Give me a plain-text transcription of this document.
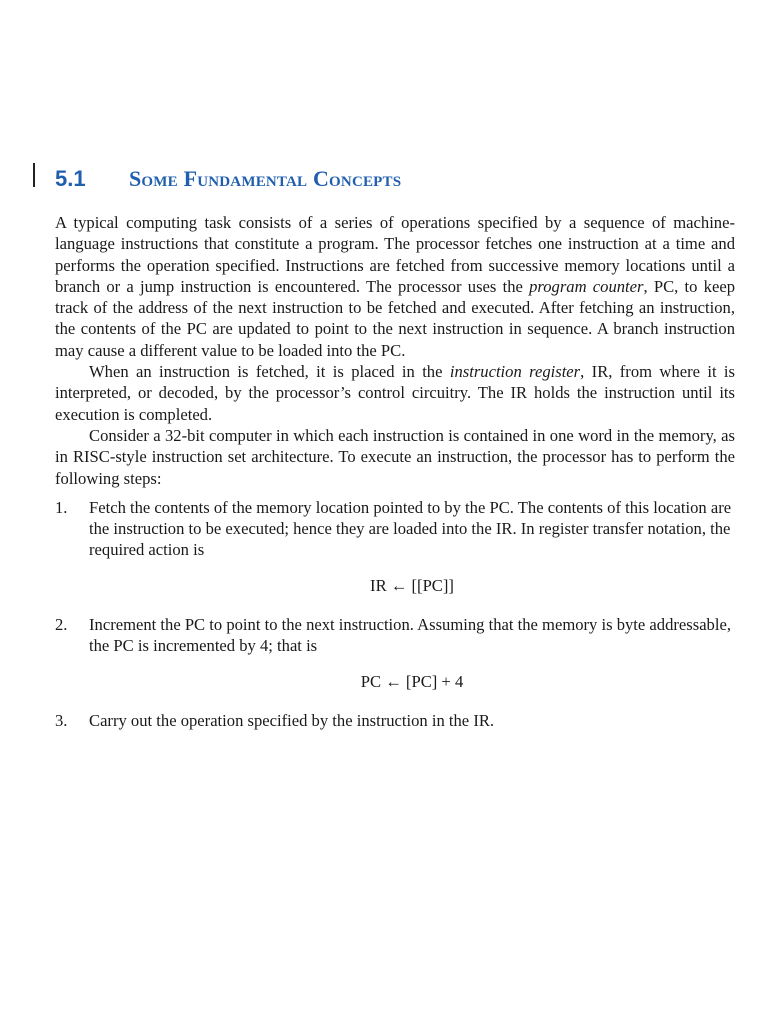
5.1	Some Fundamental Concepts

A typical computing task consists of a series of operations specified by a sequence of machine-language instructions that constitute a program. The processor fetches one instruction at a time and performs the operation specified. Instructions are fetched from successive memory locations until a branch or a jump instruction is encountered. The processor uses the program counter, PC, to keep track of the address of the next instruction to be fetched and executed. After fetching an instruction, the contents of the PC are updated to point to the next instruction in sequence. A branch instruction may cause a different value to be loaded into the PC.

When an instruction is fetched, it is placed in the instruction register, IR, from where it is interpreted, or decoded, by the processor’s control circuitry. The IR holds the instruction until its execution is completed.

Consider a 32-bit computer in which each instruction is contained in one word in the memory, as in RISC-style instruction set architecture. To execute an instruction, the processor has to perform the following steps:

1.	Fetch the contents of the memory location pointed to by the PC. The contents of this location are the instruction to be executed; hence they are loaded into the IR. In register transfer notation, the required action is

IR ← [[PC]]
2.	Increment the PC to point to the next instruction. Assuming that the memory is byte addressable, the PC is incremented by 4; that is

PC ← [PC] + 4
3.	Carry out the operation specified by the instruction in the IR.
